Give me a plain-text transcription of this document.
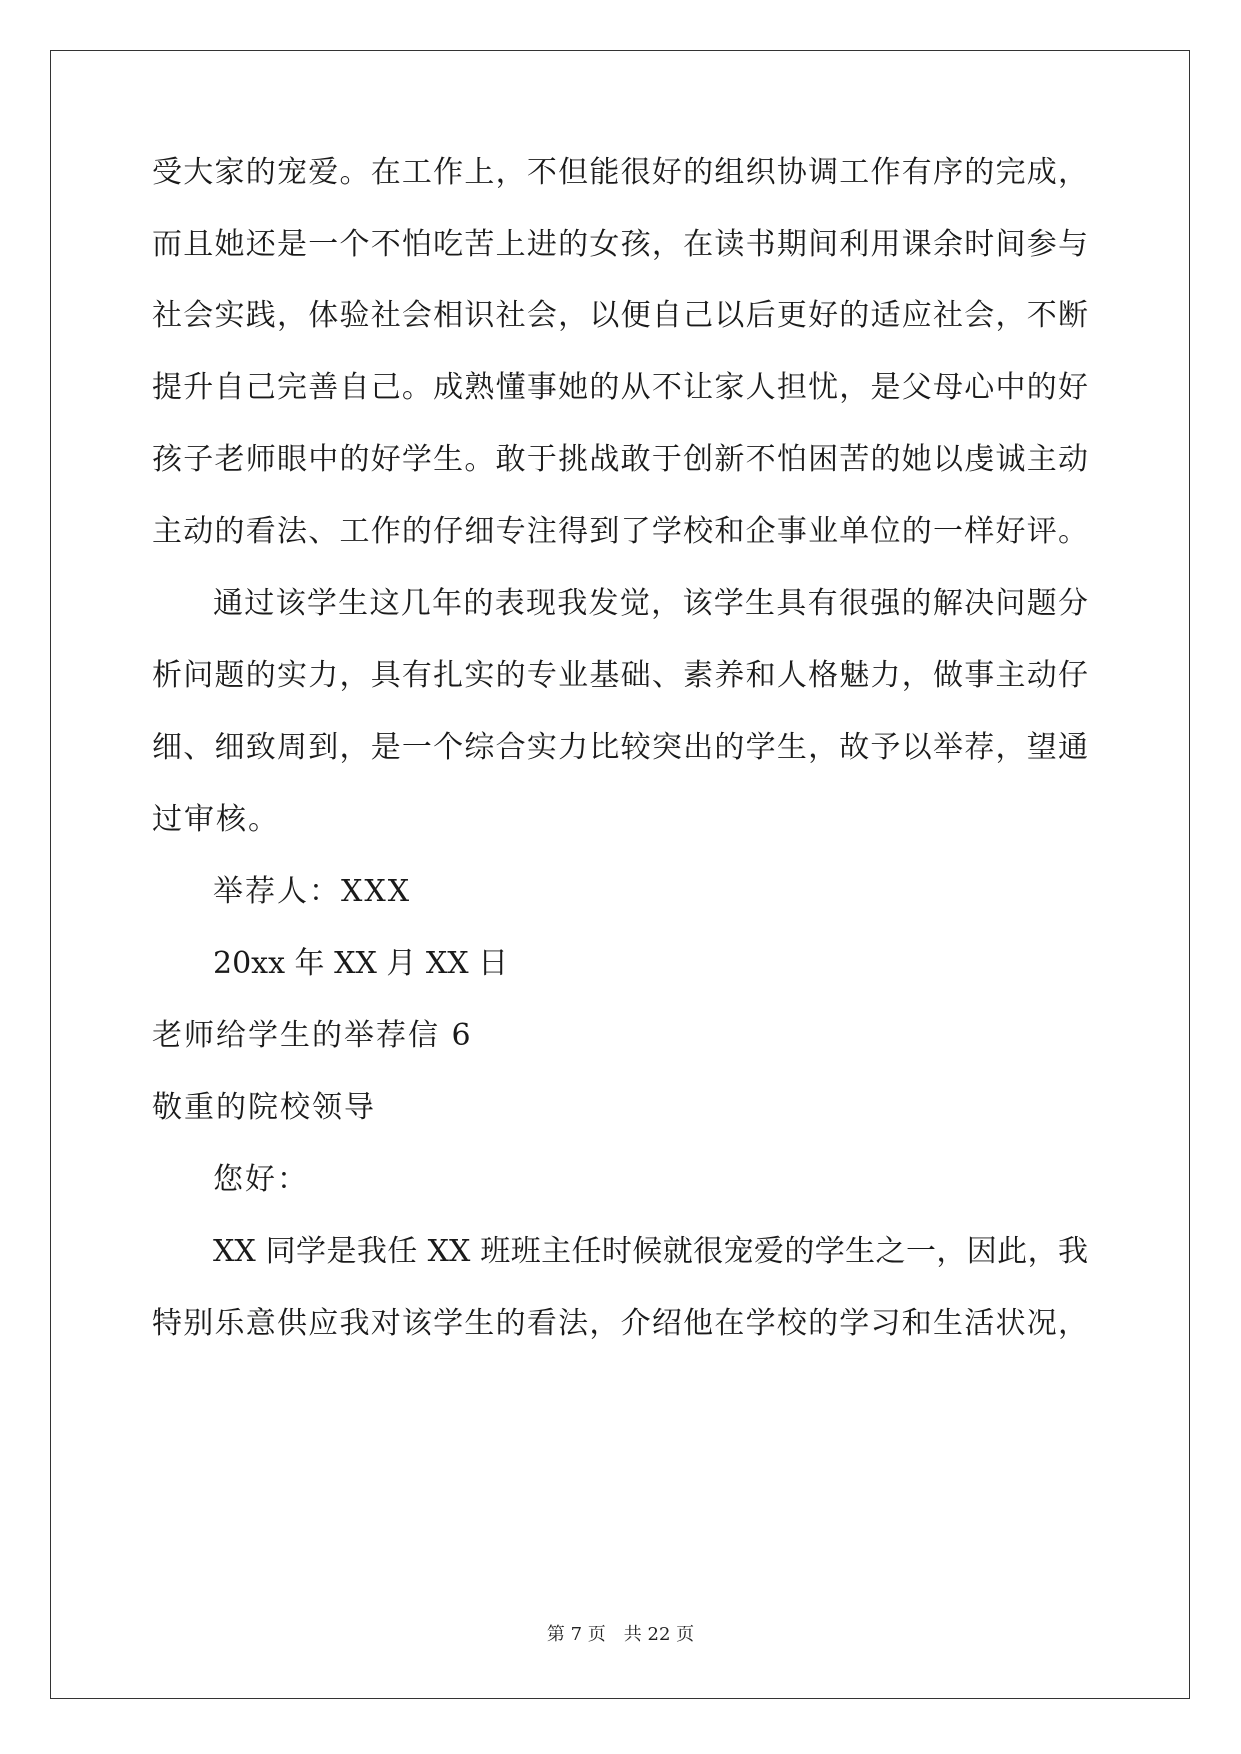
受大家的宠爱。在工作上，不但能很好的组织协调工作有序的完成，
而且她还是一个不怕吃苦上进的女孩，在读书期间利用课余时间参与
社会实践，体验社会相识社会，以便自己以后更好的适应社会，不断
提升自己完善自己。成熟懂事她的从不让家人担忧，是父母心中的好
孩子老师眼中的好学生。敢于挑战敢于创新不怕困苦的她以虔诚主动
主动的看法、工作的仔细专注得到了学校和企事业单位的一样好评。
通过该学生这几年的表现我发觉，该学生具有很强的解决问题分
析问题的实力，具有扎实的专业基础、素养和人格魅力，做事主动仔
细、细致周到，是一个综合实力比较突出的学生，故予以举荐，望通
过审核。
举荐人：XXX
20xx 年 XX 月 XX 日
老师给学生的举荐信 6
敬重的院校领导
您好：
XX 同学是我任 XX 班班主任时候就很宠爱的学生之一，因此，我
特别乐意供应我对该学生的看法，介绍他在学校的学习和生活状况，
第 7 页 共 22 页
